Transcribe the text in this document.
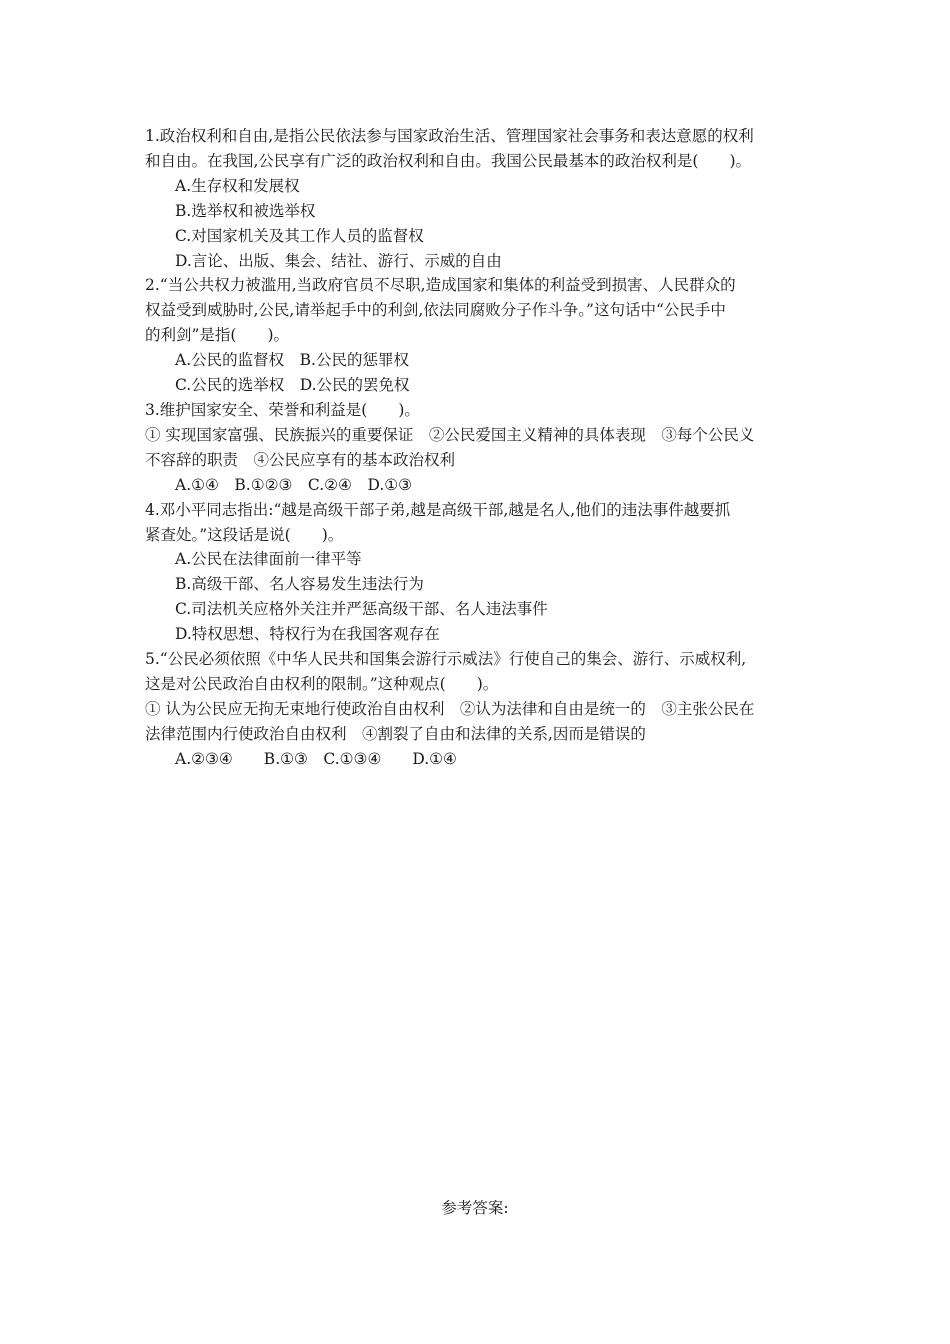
1.政治权利和自由,是指公民依法参与国家政治生活、管理国家社会事务和表达意愿的权利
和自由。在我国,公民享有广泛的政治权利和自由。我国公民最基本的政治权利是(　　)。
A.生存权和发展权
B.选举权和被选举权
C.对国家机关及其工作人员的监督权
D.言论、出版、集会、结社、游行、示威的自由
2.“当公共权力被滥用,当政府官员不尽职,造成国家和集体的利益受到损害、人民群众的
权益受到威胁时,公民,请举起手中的利剑,依法同腐败分子作斗争。”这句话中“公民手中
的利剑”是指(　　)。
A.公民的监督权　B.公民的惩罪权
C.公民的选举权　D.公民的罢免权
3.维护国家安全、荣誉和利益是(　　)。
① 实现国家富强、民族振兴的重要保证　②公民爱国主义精神的具体表现　③每个公民义
不容辞的职责　④公民应享有的基本政治权利
A.①④　B.①②③　C.②④　D.①③
4.邓小平同志指出:“越是高级干部子弟,越是高级干部,越是名人,他们的违法事件越要抓
紧查处。”这段话是说(　　)。
A.公民在法律面前一律平等
B.高级干部、名人容易发生违法行为
C.司法机关应格外关注并严惩高级干部、名人违法事件
D.特权思想、特权行为在我国客观存在
5.“公民必须依照《中华人民共和国集会游行示威法》行使自己的集会、游行、示威权利,
这是对公民政治自由权利的限制。”这种观点(　　)。
① 认为公民应无拘无束地行使政治自由权利　②认为法律和自由是统一的　③主张公民在
法律范围内行使政治自由权利　④割裂了自由和法律的关系,因而是错误的
A.②③④　　B.①③　C.①③④　　D.①④
参考答案:
